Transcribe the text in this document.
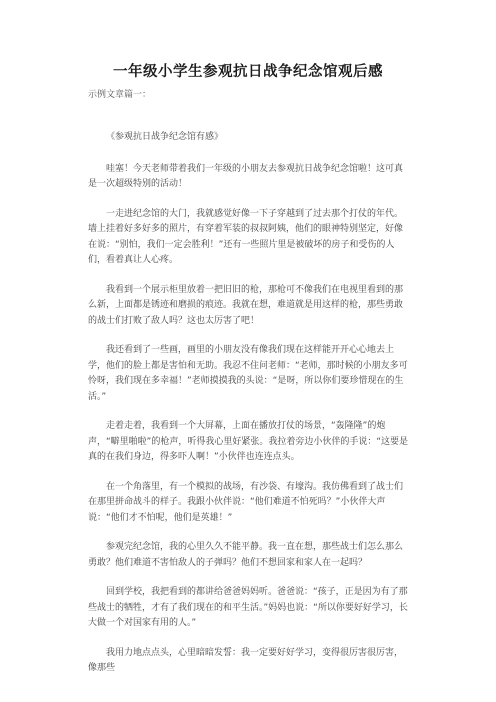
一年级小学生参观抗日战争纪念馆观后感
示例文章篇一：

《参观抗日战争纪念馆有感》

哇塞！今天老师带着我们一年级的小朋友去参观抗日战争纪念馆啦！这可真是一次超级特别的活动！

一走进纪念馆的大门，我就感觉好像一下子穿越到了过去那个打仗的年代。墙上挂着好多好多的照片，有穿着军装的叔叔阿姨，他们的眼神特别坚定，好像在说：“别怕，我们一定会胜利！”还有一些照片里是被破坏的房子和受伤的人们，看着真让人心疼。

我看到一个展示柜里放着一把旧旧的枪，那枪可不像我们在电视里看到的那么新，上面都是锈迹和磨损的痕迹。我就在想，难道就是用这样的枪，那些勇敢的战士们打败了敌人吗？这也太厉害了吧！

我还看到了一些画，画里的小朋友没有像我们现在这样能开开心心地去上学，他们的脸上都是害怕和无助。我忍不住问老师：“老师，那时候的小朋友多可怜呀，我们现在多幸福！”老师摸摸我的头说：“是呀，所以你们要珍惜现在的生活。”

走着走着，我看到一个大屏幕，上面在播放打仗的场景，“轰隆隆”的炮声，“噼里啪啦”的枪声，听得我心里好紧张。我拉着旁边小伙伴的手说：“这要是真的在我们身边，得多吓人啊！”小伙伴也连连点头。

在一个角落里，有一个模拟的战场，有沙袋、有壕沟。我仿佛看到了战士们在那里拼命战斗的样子。我跟小伙伴说：“他们难道不怕死吗？”小伙伴大声说：“他们才不怕呢，他们是英雄！”

参观完纪念馆，我的心里久久不能平静。我一直在想，那些战士们怎么那么勇敢？他们难道不害怕敌人的子弹吗？他们不想回家和家人在一起吗？

回到学校，我把看到的都讲给爸爸妈妈听。爸爸说：“孩子，正是因为有了那些战士的牺牲，才有了我们现在的和平生活。”妈妈也说：“所以你要好好学习，长大做一个对国家有用的人。”

我用力地点点头，心里暗暗发誓：我一定要好好学习，变得很厉害很厉害，像那些
